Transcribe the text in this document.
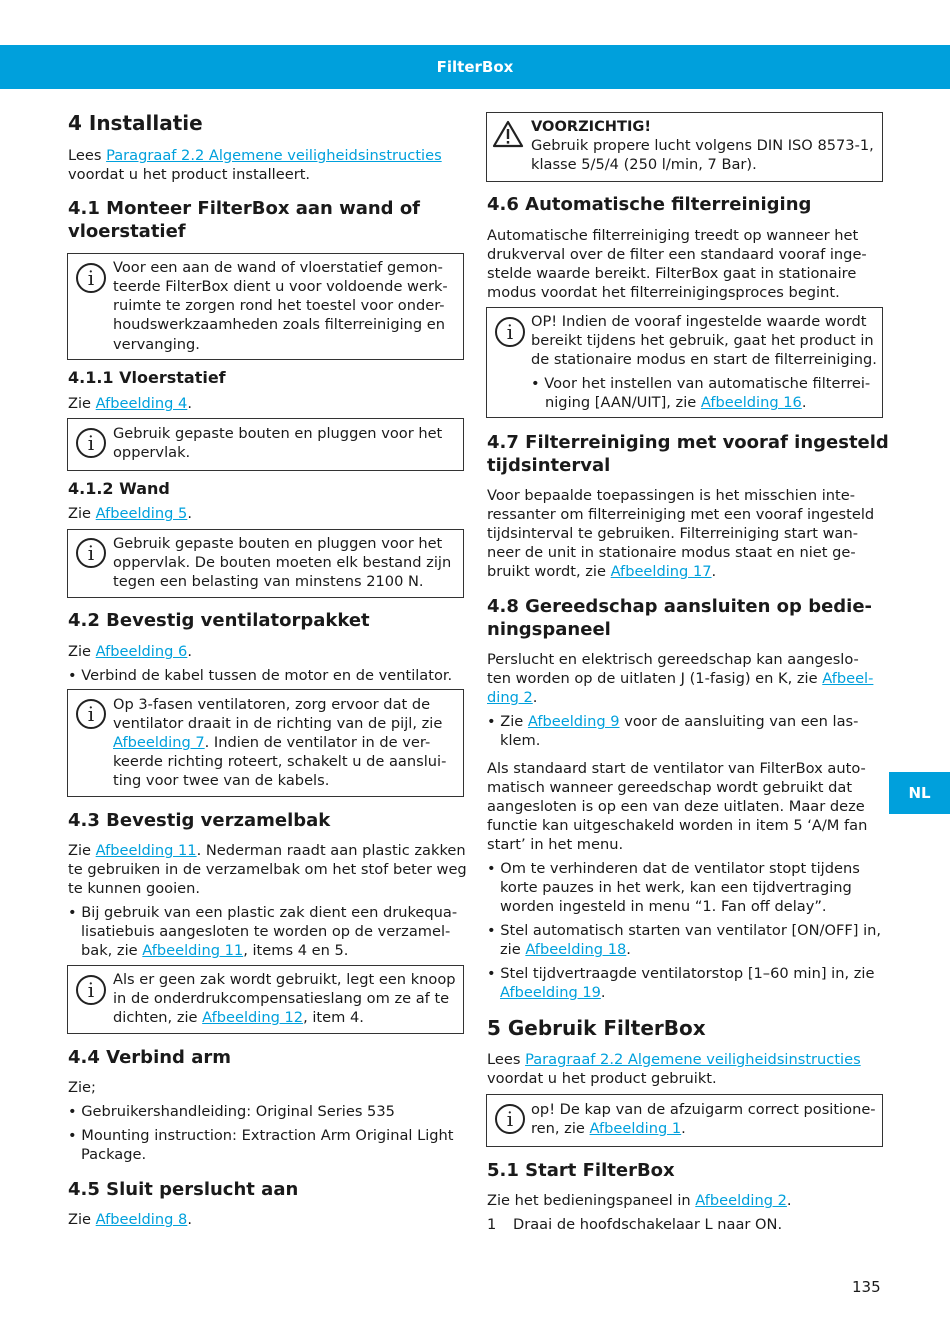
FilterBox
4 Installatie

Lees Paragraaf 2.2 Algemene veiligheidsinstructies

voordat u het product installeert.

4.1 Monteer FilterBox aan wand of
vloerstatief
i	Voor een aan de wand of vloerstatief gemon-

teerde FilterBox dient u voor voldoende werk-

ruimte te zorgen rond het toestel voor onder-

houdswerkzaamheden zoals filterreiniging en

vervanging.

4.1.1 Vloerstatief

Zie Afbeelding 4.

i	Gebruik gepaste bouten en pluggen voor het

oppervlak.

4.1.2 Wand

Zie Afbeelding 5.

i	Gebruik gepaste bouten en pluggen voor het

oppervlak. De bouten moeten elk bestand zijn

tegen een belasting van minstens 2100 N.

4.2 Bevestig ventilatorpakket

Zie Afbeelding 6.

• Verbind de kabel tussen de motor en de ventilator.

i	Op 3-fasen ventilatoren, zorg ervoor dat de

ventilator draait in de richting van de pijl, zie

Afbeelding 7. Indien de ventilator in de ver-

keerde richting roteert, schakelt u de aanslui-

ting voor twee van de kabels.

4.3 Bevestig verzamelbak

Zie Afbeelding 11. Nederman raadt aan plastic zakken

te gebruiken in de verzamelbak om het stof beter weg

te kunnen gooien.

• Bij gebruik van een plastic zak dient een drukequa-

lisatiebuis aangesloten te worden op de verzamel-

bak, zie Afbeelding 11, items 4 en 5.

i	Als er geen zak wordt gebruikt, legt een knoop

in de onderdrukcompensatieslang om ze af te

dichten, zie Afbeelding 12, item 4.

4.4 Verbind arm

Zie;

• Gebruikershandleiding: Original Series 535

• Mounting instruction: Extraction Arm Original Light

Package.

4.5 Sluit perslucht aan

Zie Afbeelding 8.

VOORZICHTIG!

Gebruik propere lucht volgens DIN ISO 8573-1,

klasse 5/5/4 (250 l/min, 7 Bar).

4.6 Automatische filterreiniging

Automatische filterreiniging treedt op wanneer het

drukverval over de filter een standaard vooraf inge-

stelde waarde bereikt. FilterBox gaat in stationaire

modus voordat het filterreinigingsproces begint.

i	OP! Indien de vooraf ingestelde waarde wordt

bereikt tijdens het gebruik, gaat het product in

de stationaire modus en start de filterreiniging.

• Voor het instellen van automatische filterrei-

niging [AAN/UIT], zie Afbeelding 16.

4.7 Filterreiniging met vooraf ingesteld
tijdsinterval

Voor bepaalde toepassingen is het misschien inte-

ressanter om filterreiniging met een vooraf ingesteld

tijdsinterval te gebruiken. Filterreiniging start wan-

neer de unit in stationaire modus staat en niet ge-

bruikt wordt, zie Afbeelding 17.

4.8 Gereedschap aansluiten op bedie-
ningspaneel

Perslucht en elektrisch gereedschap kan aangeslo-

ten worden op de uitlaten J (1-fasig) en K, zie Afbeel-

ding 2.

• Zie Afbeelding 9 voor de aansluiting van een las-

klem.

Als standaard start de ventilator van FilterBox auto-

matisch wanneer gereedschap wordt gebruikt dat

aangesloten is op een van deze uitlaten. Maar deze

functie kan uitgeschakeld worden in item 5 ‘A/M fan

start’ in het menu.

• Om te verhinderen dat de ventilator stopt tijdens

korte pauzes in het werk, kan een tijdvertraging

worden ingesteld in menu “1. Fan off delay”.

• Stel automatisch starten van ventilator [ON/OFF] in,

zie Afbeelding 18.

• Stel tijdvertraagde ventilatorstop [1–60 min] in, zie

Afbeelding 19.

5 Gebruik FilterBox

Lees Paragraaf 2.2 Algemene veiligheidsinstructies

voordat u het product gebruikt.

i	op! De kap van de afzuigarm correct positione-

ren, zie Afbeelding 1.

5.1 Start FilterBox

Zie het bedieningspaneel in Afbeelding 2.

1 Draai de hoofdschakelaar L naar ON.

NL
135
